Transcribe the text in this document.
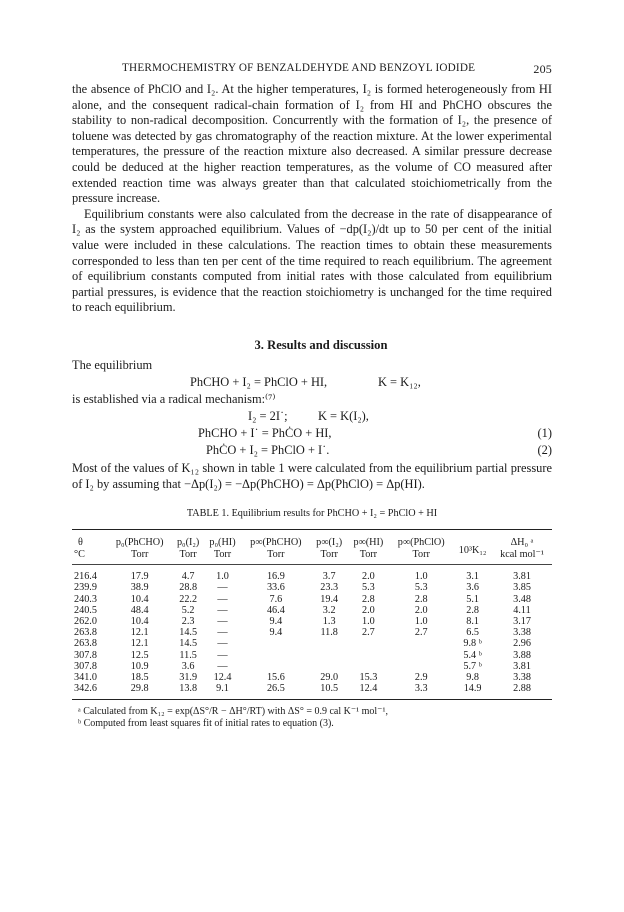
THERMOCHEMISTRY OF BENZALDEHYDE AND BENZOYL IODIDE	205

the absence of PhClO and I₂. At the higher temperatures, I₂ is formed heterogeneously from HI alone, and the consequent radical-chain formation of I₂ from HI and PhCHO obscures the stability to non-radical decomposition. Concurrently with the formation of I₂, the presence of toluene was detected by gas chromatography of the reaction mixture. At the lower experimental temperatures, the pressure of the reaction mixture also decreased. A similar pressure decrease could be deduced at the higher reaction temperatures, as the volume of CO measured after extended reaction time was always greater than that calculated stoichiometrically from the pressure increase.

Equilibrium constants were also calculated from the decrease in the rate of disappearance of I₂ as the system approached equilibrium. Values of −dp(I₂)/dt up to 50 per cent of the initial value were included in these calculations. The reaction times to obtain these measurements corresponded to less than ten per cent of the time required to reach equilibrium. The agreement of equilibrium constants computed from initial rates with those calculated from equilibrium partial pressures, is evidence that the reaction stoichiometry is unchanged for the time required to reach equilibrium.

3. Results and discussion
The equilibrium
PhCHO + I₂ = PhClO + HI,	K = K₁₂,
is established via a radical mechanism:⁽⁷⁾
I₂ = 2I˙; K = K(I₂),
PhCHO + I˙ = PhĊO + HI,	(1)
PhĊO + I₂ = PhClO + I˙.	(2)

Most of the values of K₁₂ shown in table 1 were calculated from the equilibrium partial pressure of I₂ by assuming that −Δp(I₂) = −Δp(PhCHO) = Δp(PhClO) = Δp(HI).

TABLE 1. Equilibrium results for PhCHO + I₂ = PhClO + HI
θ	p₀(PhCHO)	p₀(I₂)	p₀(HI)	p∞(PhCHO)	p∞(I₂)	p∞(HI)	p∞(PhClO)	10³K₁₂	ΔH₀ ᵃ
°C	Torr	Torr	Torr	Torr	Torr	Torr	Torr		kcal mol⁻¹
216.4	17.9	4.7	1.0	16.9	3.7	2.0	1.0	3.1	3.81
239.9	38.9	28.8	—	33.6	23.3	5.3	5.3	3.6	3.85
240.3	10.4	22.2	—	7.6	19.4	2.8	2.8	5.1	3.48
240.5	48.4	5.2	—	46.4	3.2	2.0	2.0	2.8	4.11
262.0	10.4	2.3	—	9.4	1.3	1.0	1.0	8.1	3.17
263.8	12.1	14.5	—	9.4	11.8	2.7	2.7	6.5	3.38
263.8	12.1	14.5	—					9.8 ᵇ	2.96
307.8	12.5	11.5	—					5.4 ᵇ	3.88
307.8	10.9	3.6	—					5.7 ᵇ	3.81
341.0	18.5	31.9	12.4	15.6	29.0	15.3	2.9	9.8	3.38
342.6	29.8	13.8	9.1	26.5	10.5	12.4	3.3	14.9	2.88
ᵃ Calculated from K₁₂ = exp(ΔS°/R − ΔH°/RT) with ΔS° = 0.9 cal K⁻¹ mol⁻¹,
ᵇ Computed from least squares fit of initial rates to equation (3).
